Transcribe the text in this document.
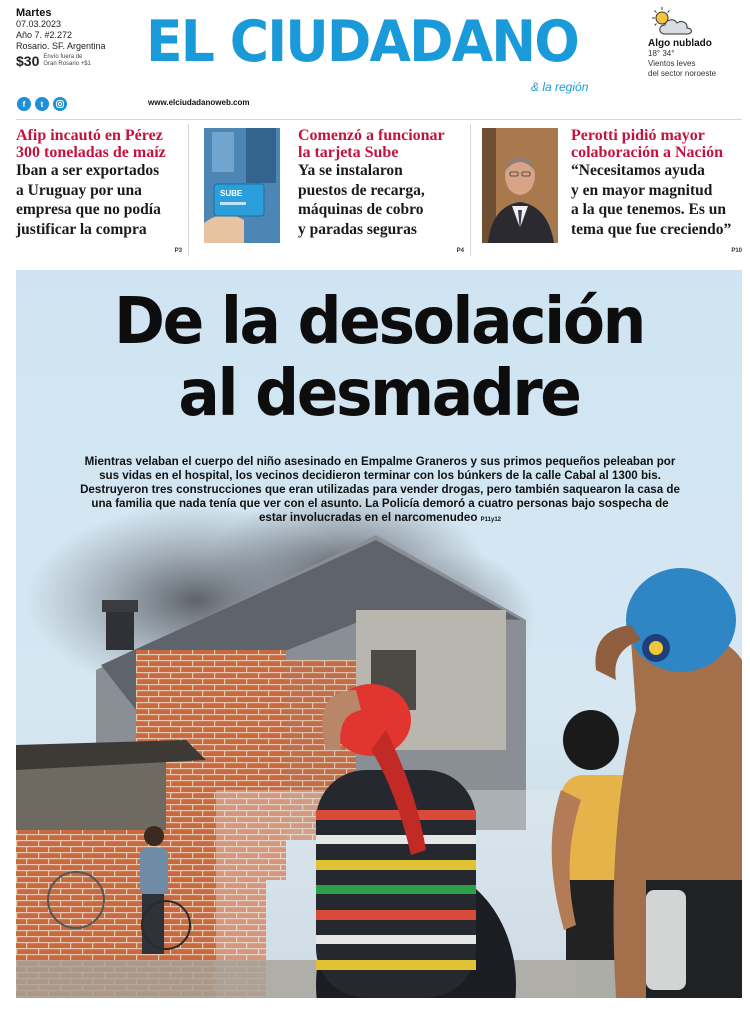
Martes
07.03.2023
Año 7. #2.272
Rosario. SF. Argentina
$30 Envío fuera de
Gran Rosario +$1
f	t
EL CIUDADANO
& la región
www.elciudadanoweb.com
Algo nublado
18° 34°
Vientos leves
del sector noroeste
Afip incautó en Pérez
300 toneladas de maíz
Iban a ser exportados
a Uruguay por una
empresa que no podía
justificar la compra
P3
SUBE
Comenzó a funcionar
la tarjeta Sube
Ya se instalaron
puestos de recarga,
máquinas de cobro
y paradas seguras
P4
Perotti pidió mayor
colaboración a Nación
“Necesitamos ayuda
y en mayor magnitud
a la que tenemos. Es un
tema que fue creciendo”
P10
De la desolación
al desmadre
Mientras velaban el cuerpo del niño asesinado en Empalme Graneros y sus primos pequeños peleaban por sus vidas en el hospital, los vecinos decidieron terminar con los búnkers de la calle Cabal al 1300 bis. Destruyeron tres construcciones que eran utilizadas para vender drogas, pero también saquearon la casa de una familia que nada tenía que ver con el asunto. La Policía demoró a cuatro personas bajo sospecha de estar involucradas en el narcomenudeo P11y12
JUAN JOSÉ GARCÍA
